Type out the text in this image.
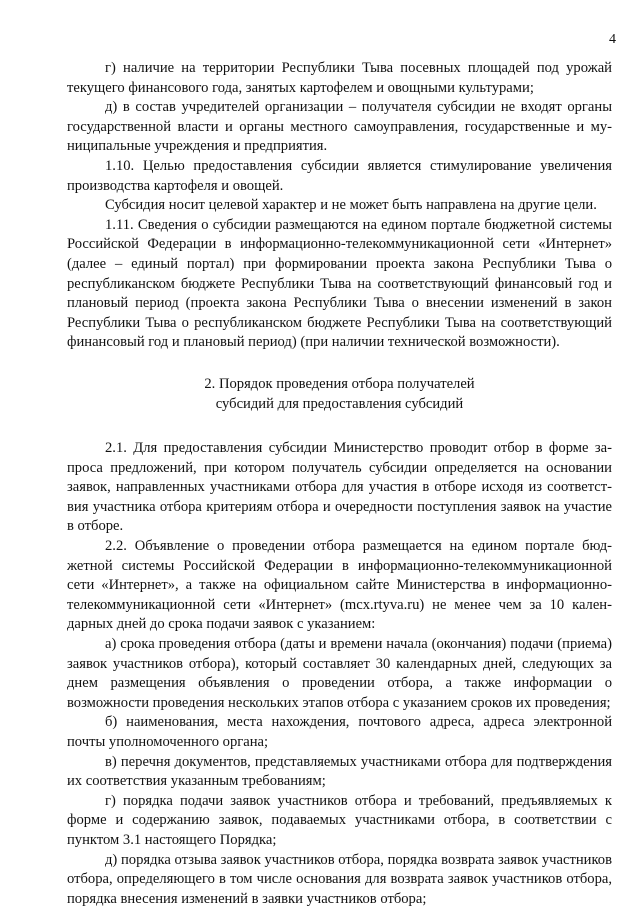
4

г) наличие на территории Республики Тыва посевных площадей под урожай текущего финансового года, занятых картофелем и овощными культурами;

д) в состав учредителей организации – получателя субсидии не входят органы государственной власти и органы местного самоуправления, государственные и муниципальные учреждения и предприятия.

1.10. Целью предоставления субсидии является стимулирование увеличения производства картофеля и овощей.

Субсидия носит целевой характер и не может быть направлена на другие цели.

1.11. Сведения о субсидии размещаются на едином портале бюджетной системы Российской Федерации в информационно-телекоммуникационной сети «Интернет» (далее – единый портал) при формировании проекта закона Республики Тыва о республиканском бюджете Республики Тыва на соответствующий финансовый год и плановый период (проекта закона Республики Тыва о внесении изменений в закон Республики Тыва о республиканском бюджете Республики Тыва на соответствующий финансовый год и плановый период) (при наличии технической возможности).

2. Порядок проведения отбора получателей
субсидий для предоставления субсидий

2.1. Для предоставления субсидии Министерство проводит отбор в форме запроса предложений, при котором получатель субсидии определяется на основании заявок, направленных участниками отбора для участия в отборе исходя из соответствия участника отбора критериям отбора и очередности поступления заявок на участие в отборе.

2.2. Объявление о проведении отбора размещается на едином портале бюджетной системы Российской Федерации в информационно-телекоммуникационной сети «Интернет», а также на официальном сайте Министерства в информационно-телекоммуникационной сети «Интернет» (mcx.rtyva.ru) не менее чем за 10 календарных дней до срока подачи заявок с указанием:

а) срока проведения отбора (даты и времени начала (окончания) подачи (приема) заявок участников отбора), который составляет 30 календарных дней, следующих за днем размещения объявления о проведении отбора, а также информации о возможности проведения нескольких этапов отбора с указанием сроков их проведения;

б) наименования, места нахождения, почтового адреса, адреса электронной почты уполномоченного органа;

в) перечня документов, представляемых участниками отбора для подтверждения их соответствия указанным требованиям;

г) порядка подачи заявок участников отбора и требований, предъявляемых к форме и содержанию заявок, подаваемых участниками отбора, в соответствии с пунктом 3.1 настоящего Порядка;

д) порядка отзыва заявок участников отбора, порядка возврата заявок участников отбора, определяющего в том числе основания для возврата заявок участников отбора, порядка внесения изменений в заявки участников отбора;
